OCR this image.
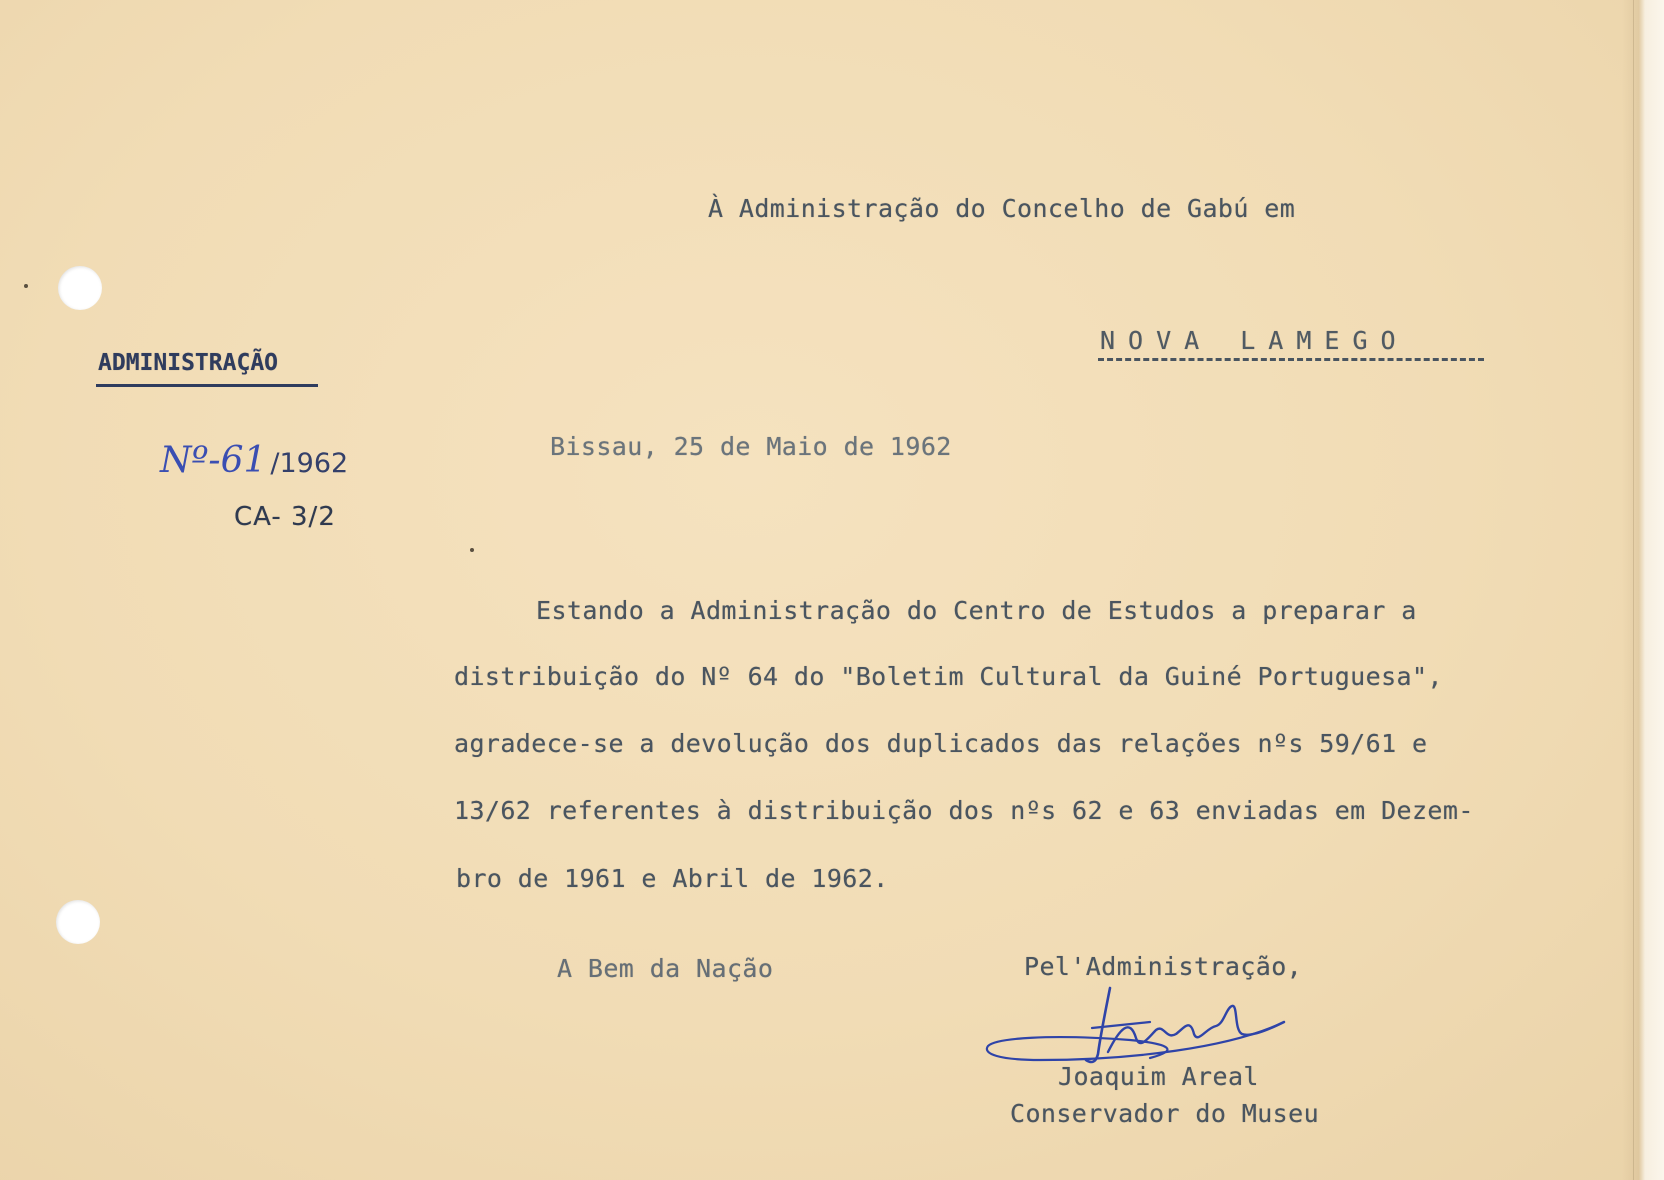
À Administração do Concelho de Gabú em
NOVA LAMEGO
ADMINISTRAÇÃO
Nº-61 /1962
CA- 3/2
Bissau, 25 de Maio de 1962
Estando a Administração do Centro de Estudos a preparar a
distribuição do Nº 64 do "Boletim Cultural da Guiné Portuguesa",
agradece-se a devolução dos duplicados das relações nºs 59/61 e
13/62 referentes à distribuição dos nºs 62 e 63 enviadas em Dezem-
bro de 1961 e Abril de 1962.
A Bem da Nação	Pel'Administração,
Joaquim Areal
Conservador do Museu
